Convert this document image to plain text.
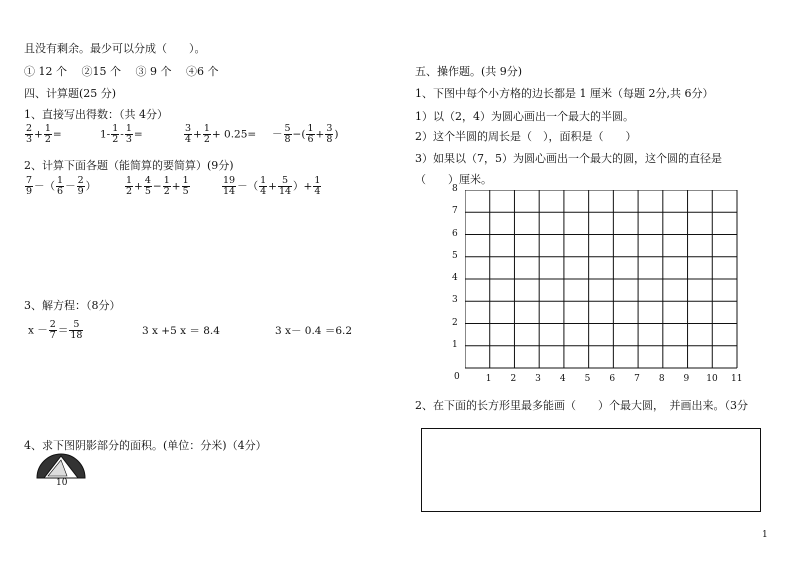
且没有剩余。最少可以分成（　　）。
① 12 个　 ②15 个　 ③ 9 个　 ④6 个
四、计算题(25 分)
1、直接写出得数：（共 4分）
$\frac{2}{3} + \frac{1}{2}$ =	$1- \frac{1}{2} - \frac{1}{3}$ =	$\frac{3}{4} + \frac{1}{2} + 0.25= - \frac{5}{8}$ −( $\frac{1}{6} + \frac{3}{8}$ )
2、计算下面各题（能简算的要简算）(9分)
$\frac{7}{9}$ －（ $\frac{1}{6} - \frac{2}{9}$ ）	$\frac{1}{2} + \frac{4}{5} - \frac{1}{2} + \frac{1}{5}$	$\frac{19}{14}$ －（ $\frac{1}{4} + \frac{5}{14}$ ）+ $\frac{1}{4}$
3、解方程：（8分）
$x - \frac{2}{7} = \frac{5}{18}$	3 x +5 x ＝ 8.4	3 x－ 0.4 ＝6.2
4、求下图阴影部分的面积。(单位：分米)（4分）
10
五、操作题。(共 9分)
1、下图中每个小方格的边长都是 1 厘米（每题 2分,共 6分）
1）以（2，4）为圆心画出一个最大的半圆。
2）这个半圆的周长是（　），面积是（　　）
3）如果以（7，5）为圆心画出一个最大的圆，这个圆的直径是
（　　）厘米。
8
7
6
5
4
3
2
1
1 2 3 4 5 6 7 8 9 10 11
0
2、在下面的长方形里最多能画（　　）个最大圆，　并画出来。（3分
1
